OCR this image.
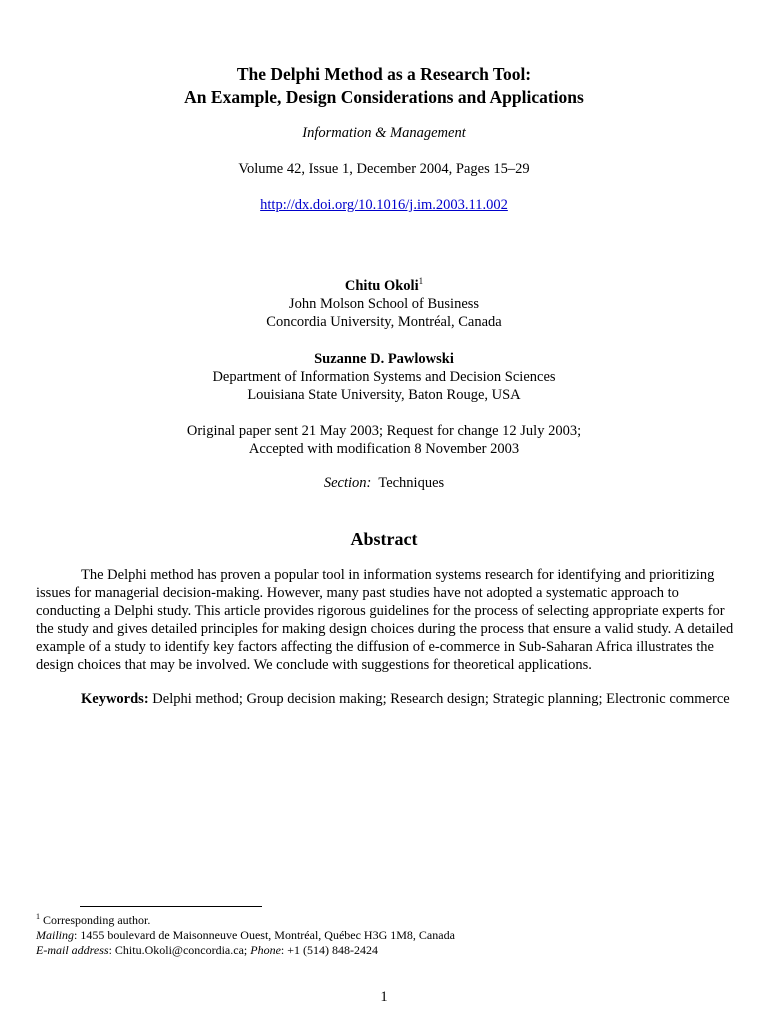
The Delphi Method as a Research Tool:
An Example, Design Considerations and Applications
Information & Management
Volume 42, Issue 1, December 2004, Pages 15–29
http://dx.doi.org/10.1016/j.im.2003.11.002
Chitu Okoli$^1$
John Molson School of Business
Concordia University, Montréal, Canada
Suzanne D. Pawlowski
Department of Information Systems and Decision Sciences
Louisiana State University, Baton Rouge, USA
Original paper sent 21 May 2003; Request for change 12 July 2003;
Accepted with modification 8 November 2003
Section: Techniques
Abstract
The Delphi method has proven a popular tool in information systems research for identifying and prioritizing issues for managerial decision-making. However, many past studies have not adopted a systematic approach to conducting a Delphi study. This article provides rigorous guidelines for the process of selecting appropriate experts for the study and gives detailed principles for making design choices during the process that ensure a valid study. A detailed example of a study to identify key factors affecting the diffusion of e-commerce in Sub-Saharan Africa illustrates the design choices that may be involved. We conclude with suggestions for theoretical applications.
Keywords: Delphi method; Group decision making; Research design; Strategic planning; Electronic commerce
$^1$ Corresponding author.
Mailing: 1455 boulevard de Maisonneuve Ouest, Montréal, Québec H3G 1M8, Canada
E-mail address: Chitu.Okoli@concordia.ca; Phone: +1 (514) 848-2424
1
